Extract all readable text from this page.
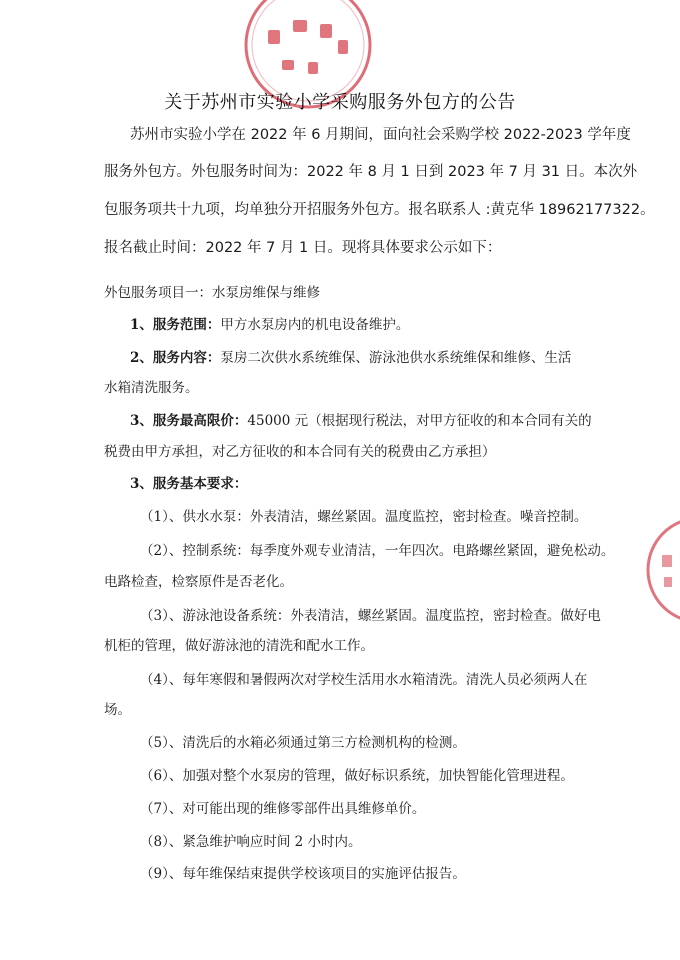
关于苏州市实验小学采购服务外包方的公告
苏州市实验小学在 2022 年 6 月期间，面向社会采购学校 2022-2023 学年度
服务外包方。外包服务时间为：2022 年 8 月 1 日到 2023 年 7 月 31 日。本次外
包服务项共十九项，均单独分开招服务外包方。报名联系人 :黄克华 18962177322。
报名截止时间：2022 年 7 月 1 日。现将具体要求公示如下：
外包服务项目一：水泵房维保与维修
1、服务范围：甲方水泵房内的机电设备维护。
2、服务内容：泵房二次供水系统维保、游泳池供水系统维保和维修、生活
水箱清洗服务。
3、服务最高限价：45000 元（根据现行税法，对甲方征收的和本合同有关的
税费由甲方承担，对乙方征收的和本合同有关的税费由乙方承担）
3、服务基本要求：
（1）、供水水泵：外表清洁，螺丝紧固。温度监控，密封检查。噪音控制。
（2）、控制系统：每季度外观专业清洁，一年四次。电路螺丝紧固，避免松动。
电路检查，检察原件是否老化。
（3）、游泳池设备系统：外表清洁，螺丝紧固。温度监控，密封检查。做好电
机柜的管理，做好游泳池的清洗和配水工作。
（4）、每年寒假和暑假两次对学校生活用水水箱清洗。清洗人员必须两人在
场。
（5）、清洗后的水箱必须通过第三方检测机构的检测。
（6）、加强对整个水泵房的管理，做好标识系统，加快智能化管理进程。
（7）、对可能出现的维修零部件出具维修单价。
（8）、紧急维护响应时间 2 小时内。
（9）、每年维保结束提供学校该项目的实施评估报告。
